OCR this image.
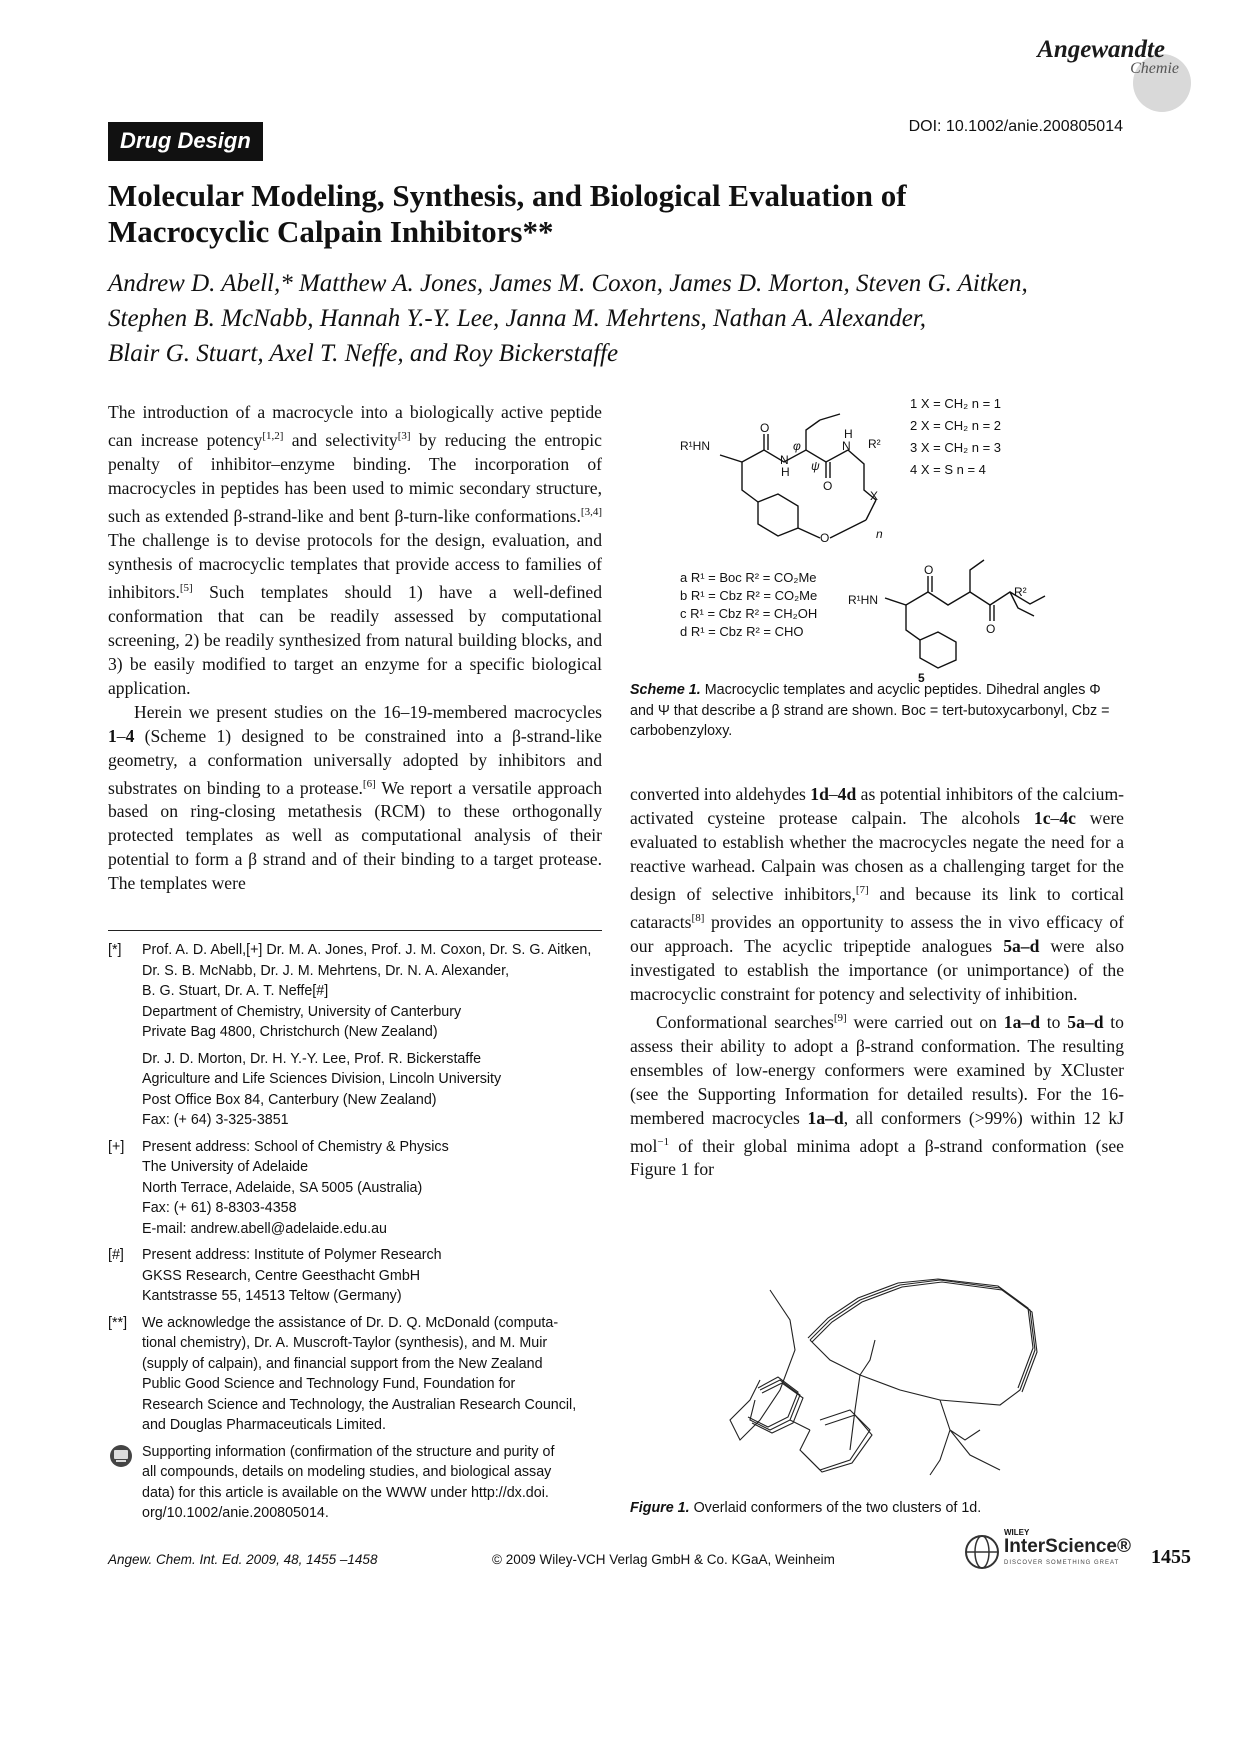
Angewandte
Chemie
Drug Design
DOI: 10.1002/anie.200805014
Molecular Modeling, Synthesis, and Biological Evaluation of
Macrocyclic Calpain Inhibitors**
Andrew D. Abell,* Matthew A. Jones, James M. Coxon, James D. Morton, Steven G. Aitken,
Stephen B. McNabb, Hannah Y.-Y. Lee, Janna M. Mehrtens, Nathan A. Alexander,
Blair G. Stuart, Axel T. Neffe, and Roy Bickerstaffe

The introduction of a macrocycle into a biologically active peptide can increase potency[1,2] and selectivity[3] by reducing the entropic penalty of inhibitor–enzyme binding. The incorporation of macrocycles in peptides has been used to mimic secondary structure, such as extended β-strand-like and bent β-turn-like conformations.[3,4] The challenge is to devise protocols for the design, evaluation, and synthesis of macrocyclic templates that provide access to families of inhibitors.[5] Such templates should 1) have a well-defined conformation that can be readily assessed by computational screening, 2) be readily synthesized from natural building blocks, and 3) be easily modified to target an enzyme for a specific biological application.

Herein we present studies on the 16–19-membered macrocycles 1–4 (Scheme 1) designed to be constrained into a β-strand-like geometry, a conformation universally adopted by inhibitors and substrates on binding to a protease.[6] We report a versatile approach based on ring-closing metathesis (RCM) to these orthogonally protected templates as well as computational analysis of their potential to form a β strand and of their binding to a target protease. The templates were

[*] Prof. A. D. Abell,[+] Dr. M. A. Jones, Prof. J. M. Coxon, Dr. S. G. Aitken,
Dr. S. B. McNabb, Dr. J. M. Mehrtens, Dr. N. A. Alexander,
B. G. Stuart, Dr. A. T. Neffe[#]
Department of Chemistry, University of Canterbury
Private Bag 4800, Christchurch (New Zealand)
Dr. J. D. Morton, Dr. H. Y.-Y. Lee, Prof. R. Bickerstaffe
Agriculture and Life Sciences Division, Lincoln University
Post Office Box 84, Canterbury (New Zealand)
Fax: (+ 64) 3-325-3851
[+] Present address: School of Chemistry & Physics
The University of Adelaide
North Terrace, Adelaide, SA 5005 (Australia)
Fax: (+ 61) 8-8303-4358
E-mail: andrew.abell@adelaide.edu.au
[#] Present address: Institute of Polymer Research
GKSS Research, Centre Geesthacht GmbH
Kantstrasse 55, 14513 Teltow (Germany)
[**] We acknowledge the assistance of Dr. D. Q. McDonald (computa-
tional chemistry), Dr. A. Muscroft-Taylor (synthesis), and M. Muir
(supply of calpain), and financial support from the New Zealand
Public Good Science and Technology Fund, Foundation for
Research Science and Technology, the Australian Research Council,
and Douglas Pharmaceuticals Limited.
Supporting information (confirmation of the structure and purity of
all compounds, details on modeling studies, and biological assay
data) for this article is available on the WWW under http://dx.doi.
org/10.1002/anie.200805014.
R¹HN
O
N
H
φ
ψ
N
H
O
R²
X
O	n
R¹HN
O
O
R²
5
1 X = CH₂ n = 1
2 X = CH₂ n = 2
3 X = CH₂ n = 3
4 X = S n = 4
a R¹ = Boc R² = CO₂Me
b R¹ = Cbz R² = CO₂Me
c R¹ = Cbz R² = CH₂OH
d R¹ = Cbz R² = CHO
Scheme 1. Macrocyclic templates and acyclic peptides. Dihedral angles Φ and Ψ that describe a β strand are shown. Boc = tert-butoxycarbonyl, Cbz = carbobenzyloxy.

converted into aldehydes 1d–4d as potential inhibitors of the calcium-activated cysteine protease calpain. The alcohols 1c–4c were evaluated to establish whether the macrocycles negate the need for a reactive warhead. Calpain was chosen as a challenging target for the design of selective inhibitors,[7] and because its link to cortical cataracts[8] provides an opportunity to assess the in vivo efficacy of our approach. The acyclic tripeptide analogues 5a–d were also investigated to establish the importance (or unimportance) of the macrocyclic constraint for potency and selectivity of inhibition.

Conformational searches[9] were carried out on 1a–d to 5a–d to assess their ability to adopt a β-strand conformation. The resulting ensembles of low-energy conformers were examined by XCluster (see the Supporting Information for detailed results). For the 16-membered macrocycles 1a–d, all conformers (>99%) within 12 kJ mol$^{-1}$ of their global minima adopt a β-strand conformation (see Figure 1 for

Figure 1. Overlaid conformers of the two clusters of 1d.
Angew. Chem. Int. Ed. 2009, 48, 1455 –1458	© 2009 Wiley-VCH Verlag GmbH & Co. KGaA, Weinheim
WILEY
InterScience®
DISCOVER SOMETHING GREAT 1455
